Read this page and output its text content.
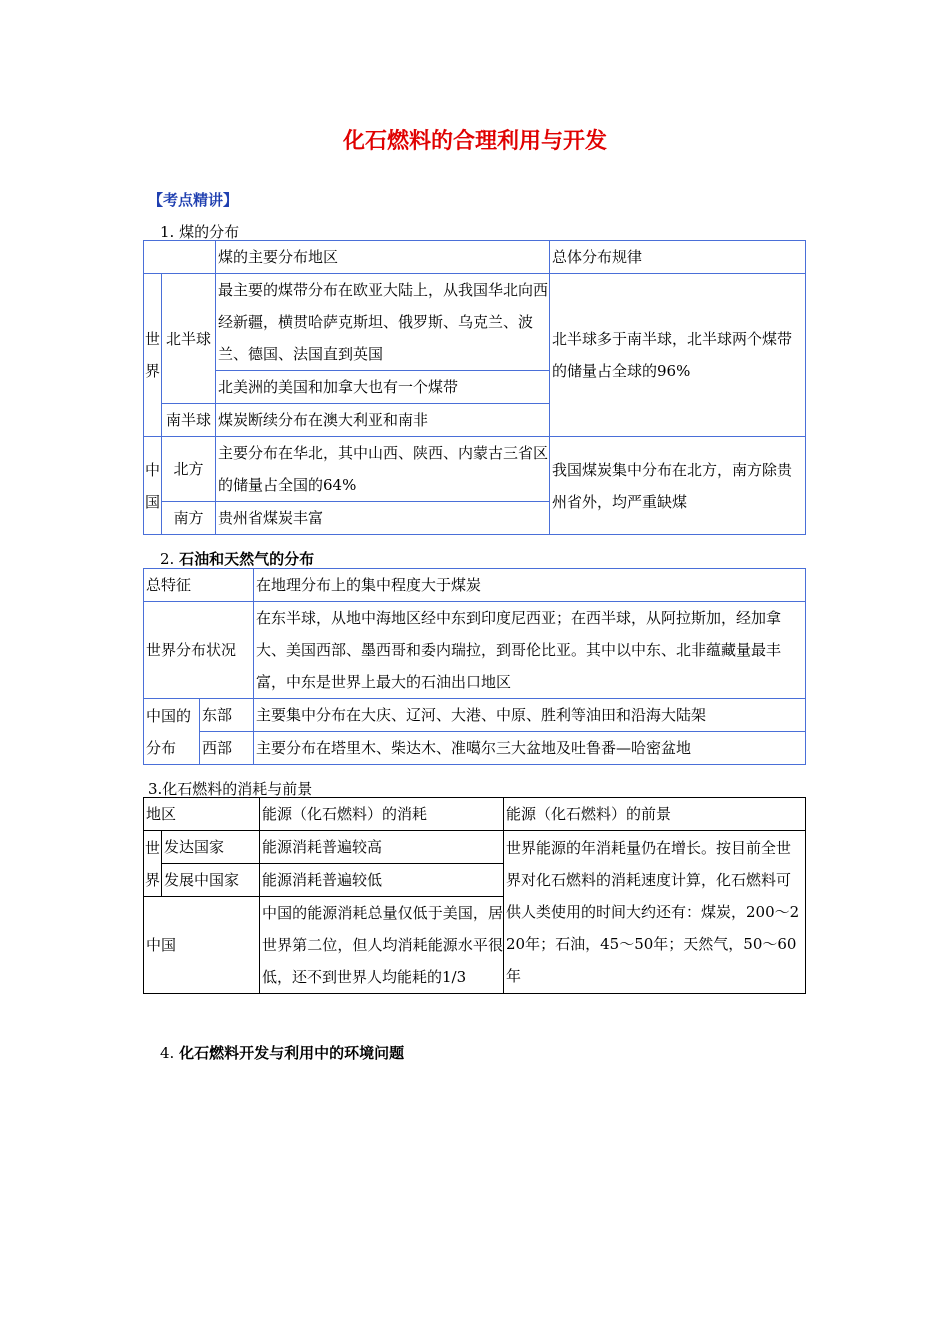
化石燃料的合理利用与开发
【考点精讲】
1. 煤的分布
		煤的主要分布地区	总体分布规律
世界	北半球	最主要的煤带分布在欧亚大陆上，从我国华北向西经新疆，横贯哈萨克斯坦、俄罗斯、乌克兰、波兰、德国、法国直到英国	北半球多于南半球，北半球两个煤带的储量占全球的96%
		北美洲的美国和加拿大也有一个煤带	
	南半球	煤炭断续分布在澳大利亚和南非	
中国	北方	主要分布在华北，其中山西、陕西、内蒙古三省区的储量占全国的64%	我国煤炭集中分布在北方，南方除贵州省外，均严重缺煤
	南方	贵州省煤炭丰富	
2. 石油和天然气的分布
总特征		在地理分布上的集中程度大于煤炭
世界分布状况		在东半球，从地中海地区经中东到印度尼西亚；在西半球，从阿拉斯加，经加拿大、美国西部、墨西哥和委内瑞拉，到哥伦比亚。其中以中东、北非蕴藏量最丰富，中东是世界上最大的石油出口地区
中国的分布	东部	主要集中分布在大庆、辽河、大港、中原、胜利等油田和沿海大陆架
	西部	主要分布在塔里木、柴达木、准噶尔三大盆地及吐鲁番—哈密盆地
3.化石燃料的消耗与前景
地区		能源（化石燃料）的消耗	能源（化石燃料）的前景
世界	发达国家	能源消耗普遍较高	世界能源的年消耗量仍在增长。按目前全世界对化石燃料的消耗速度计算，化石燃料可供人类使用的时间大约还有：煤炭，200～220年；石油，45～50年；天然气，50～60年
	发展中国家	能源消耗普遍较低	
中国		中国的能源消耗总量仅低于美国，居世界第二位，但人均消耗能源水平很低，还不到世界人均能耗的1/3	
4. 化石燃料开发与利用中的环境问题
